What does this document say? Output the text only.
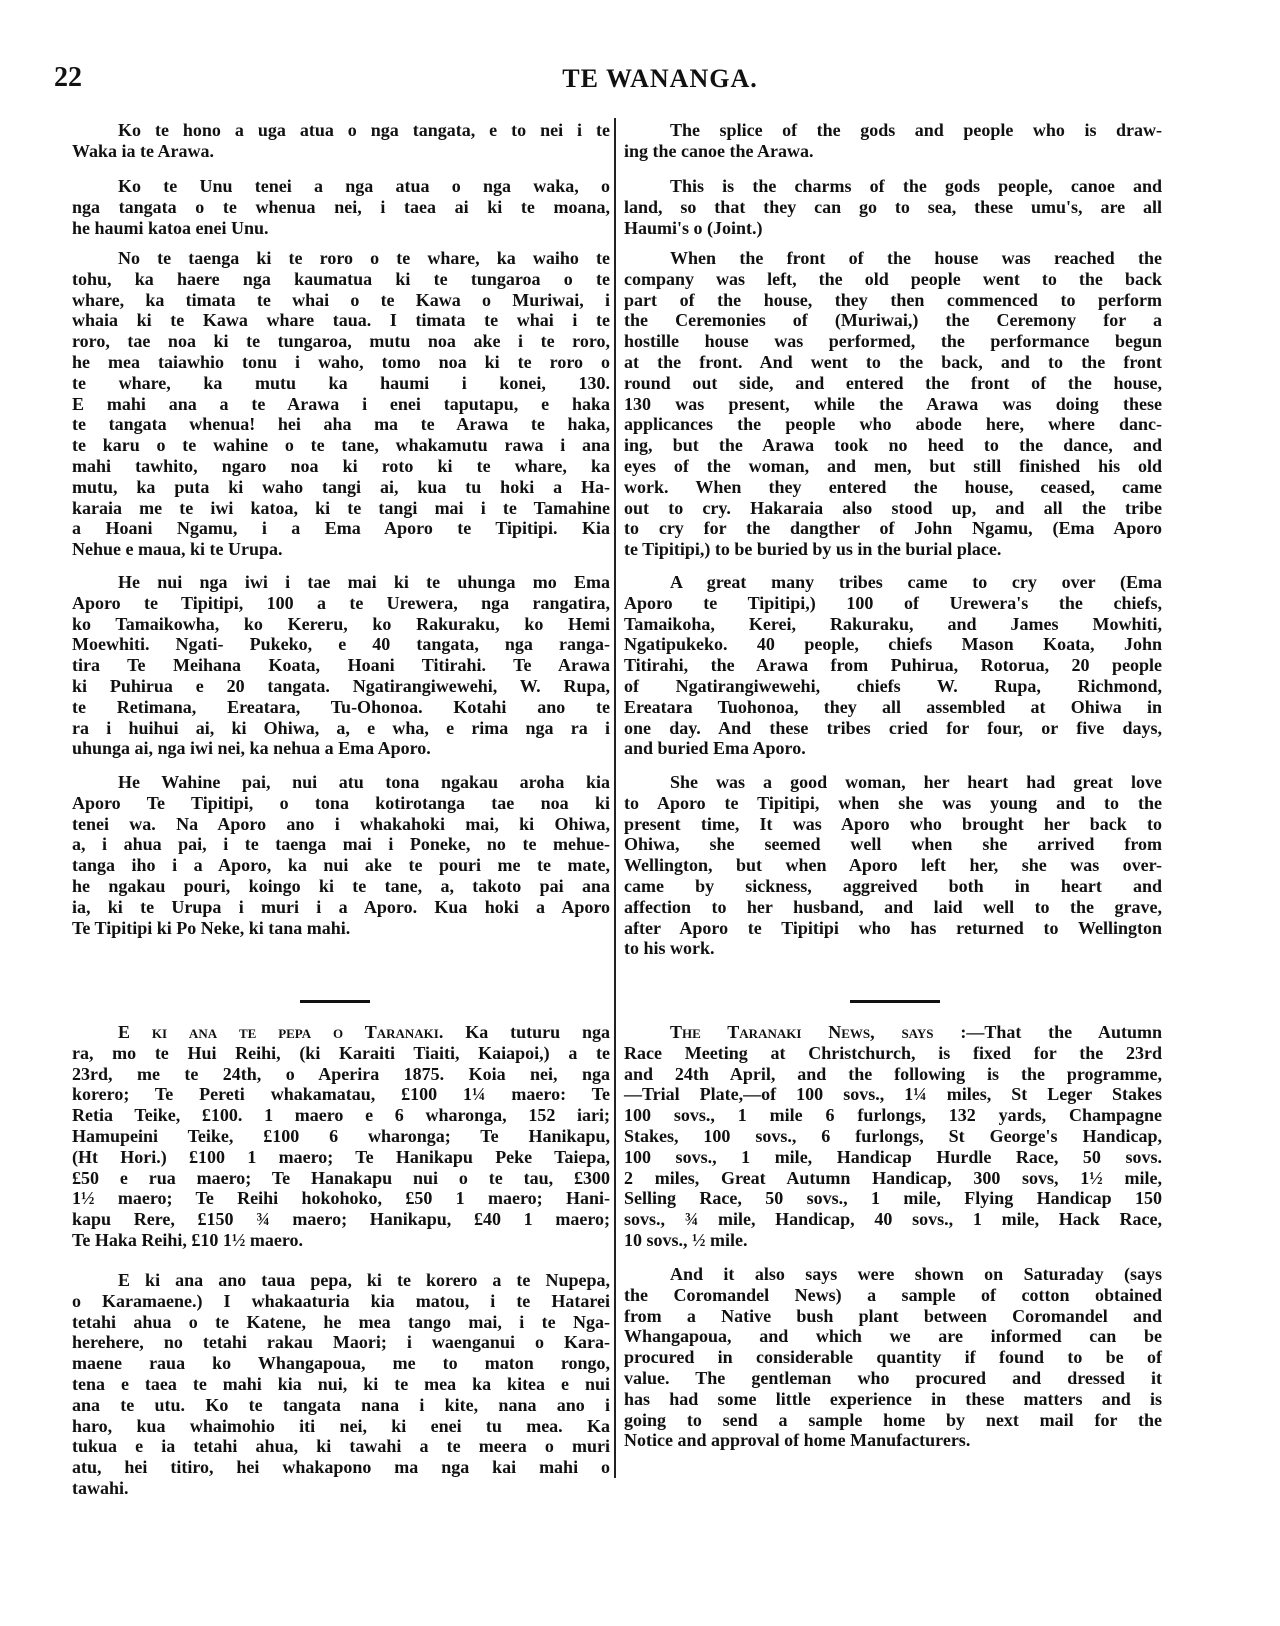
22	TE WANANGA.
Ko te hono a uga atua o nga tangata, e to nei i te
Waka ia te Arawa.
Ko te Unu tenei a nga atua o nga waka, o
nga tangata o te whenua nei, i taea ai ki te moana,
he haumi katoa enei Unu.
No te taenga ki te roro o te whare, ka waiho te
tohu, ka haere nga kaumatua ki te tungaroa o te
whare, ka timata te whai o te Kawa o Muriwai, i
whaia ki te Kawa whare taua. I timata te whai i te
roro, tae noa ki te tungaroa, mutu noa ake i te roro,
he mea taiawhio tonu i waho, tomo noa ki te roro o
te whare, ka mutu ka haumi i konei, 130.
E mahi ana a te Arawa i enei taputapu, e haka
te tangata whenua! hei aha ma te Arawa te haka,
te karu o te wahine o te tane, whakamutu rawa i ana
mahi tawhito, ngaro noa ki roto ki te whare, ka
mutu, ka puta ki waho tangi ai, kua tu hoki a Ha-
karaia me te iwi katoa, ki te tangi mai i te Tamahine
a Hoani Ngamu, i a Ema Aporo te Tipitipi. Kia
Nehue e maua, ki te Urupa.
He nui nga iwi i tae mai ki te uhunga mo Ema
Aporo te Tipitipi, 100 a te Urewera, nga rangatira,
ko Tamaikowha, ko Kereru, ko Rakuraku, ko Hemi
Moewhiti. Ngati- Pukeko, e 40 tangata, nga ranga-
tira Te Meihana Koata, Hoani Titirahi. Te Arawa
ki Puhirua e 20 tangata. Ngatirangiwewehi, W. Rupa,
te Retimana, Ereatara, Tu-Ohonoa. Kotahi ano te
ra i huihui ai, ki Ohiwa, a, e wha, e rima nga ra i
uhunga ai, nga iwi nei, ka nehua a Ema Aporo.
He Wahine pai, nui atu tona ngakau aroha kia
Aporo Te Tipitipi, o tona kotirotanga tae noa ki
tenei wa. Na Aporo ano i whakahoki mai, ki Ohiwa,
a, i ahua pai, i te taenga mai i Poneke, no te mehue-
tanga iho i a Aporo, ka nui ake te pouri me te mate,
he ngakau pouri, koingo ki te tane, a, takoto pai ana
ia, ki te Urupa i muri i a Aporo. Kua hoki a Aporo
Te Tipitipi ki Po Neke, ki tana mahi.
E ki ana te pepa o Taranaki. Ka tuturu nga
ra, mo te Hui Reihi, (ki Karaiti Tiaiti, Kaiapoi,) a te
23rd, me te 24th, o Aperira 1875. Koia nei, nga
korero; Te Pereti whakamatau, £100 1¼ maero: Te
Retia Teike, £100. 1 maero e 6 wharonga, 152 iari;
Hamupeini Teike, £100 6 wharonga; Te Hanikapu,
(Ht Hori.) £100 1 maero; Te Hanikapu Peke Taiepa,
£50 e rua maero; Te Hanakapu nui o te tau, £300
1½ maero; Te Reihi hokohoko, £50 1 maero; Hani-
kapu Rere, £150 ¾ maero; Hanikapu, £40 1 maero;
Te Haka Reihi, £10 1½ maero.
E ki ana ano taua pepa, ki te korero a te Nupepa,
o Karamaene.) I whakaaturia kia matou, i te Hatarei
tetahi ahua o te Katene, he mea tango mai, i te Nga-
herehere, no tetahi rakau Maori; i waenganui o Kara-
maene raua ko Whangapoua, me to maton rongo,
tena e taea te mahi kia nui, ki te mea ka kitea e nui
ana te utu. Ko te tangata nana i kite, nana ano i
haro, kua whaimohio iti nei, ki enei tu mea. Ka
tukua e ia tetahi ahua, ki tawahi a te meera o muri
atu, hei titiro, hei whakapono ma nga kai mahi o
tawahi.
The splice of the gods and people who is draw-
ing the canoe the Arawa.
This is the charms of the gods people, canoe and
land, so that they can go to sea, these umu's, are all
Haumi's o (Joint.)
When the front of the house was reached the
company was left, the old people went to the back
part of the house, they then commenced to perform
the Ceremonies of (Muriwai,) the Ceremony for a
hostille house was performed, the performance begun
at the front. And went to the back, and to the front
round out side, and entered the front of the house,
130 was present, while the Arawa was doing these
applicances the people who abode here, where danc-
ing, but the Arawa took no heed to the dance, and
eyes of the woman, and men, but still finished his old
work. When they entered the house, ceased, came
out to cry. Hakaraia also stood up, and all the tribe
to cry for the dangther of John Ngamu, (Ema Aporo
te Tipitipi,) to be buried by us in the burial place.
A great many tribes came to cry over (Ema
Aporo te Tipitipi,) 100 of Urewera's the chiefs,
Tamaikoha, Kerei, Rakuraku, and James Mowhiti,
Ngatipukeko. 40 people, chiefs Mason Koata, John
Titirahi, the Arawa from Puhirua, Rotorua, 20 people
of Ngatirangiwewehi, chiefs W. Rupa, Richmond,
Ereatara Tuohonoa, they all assembled at Ohiwa in
one day. And these tribes cried for four, or five days,
and buried Ema Aporo.
She was a good woman, her heart had great love
to Aporo te Tipitipi, when she was young and to the
present time, It was Aporo who brought her back to
Ohiwa, she seemed well when she arrived from
Wellington, but when Aporo left her, she was over-
came by sickness, aggreived both in heart and
affection to her husband, and laid well to the grave,
after Aporo te Tipitipi who has returned to Wellington
to his work.
The Taranaki News, says :—That the Autumn
Race Meeting at Christchurch, is fixed for the 23rd
and 24th April, and the following is the programme,
—Trial Plate,—of 100 sovs., 1¼ miles, St Leger Stakes
100 sovs., 1 mile 6 furlongs, 132 yards, Champagne
Stakes, 100 sovs., 6 furlongs, St George's Handicap,
100 sovs., 1 mile, Handicap Hurdle Race, 50 sovs.
2 miles, Great Autumn Handicap, 300 sovs, 1½ mile,
Selling Race, 50 sovs., 1 mile, Flying Handicap 150
sovs., ¾ mile, Handicap, 40 sovs., 1 mile, Hack Race,
10 sovs., ½ mile.
And it also says were shown on Saturaday (says
the Coromandel News) a sample of cotton obtained
from a Native bush plant between Coromandel and
Whangapoua, and which we are informed can be
procured in considerable quantity if found to be of
value. The gentleman who procured and dressed it
has had some little experience in these matters and is
going to send a sample home by next mail for the
Notice and approval of home Manufacturers.
